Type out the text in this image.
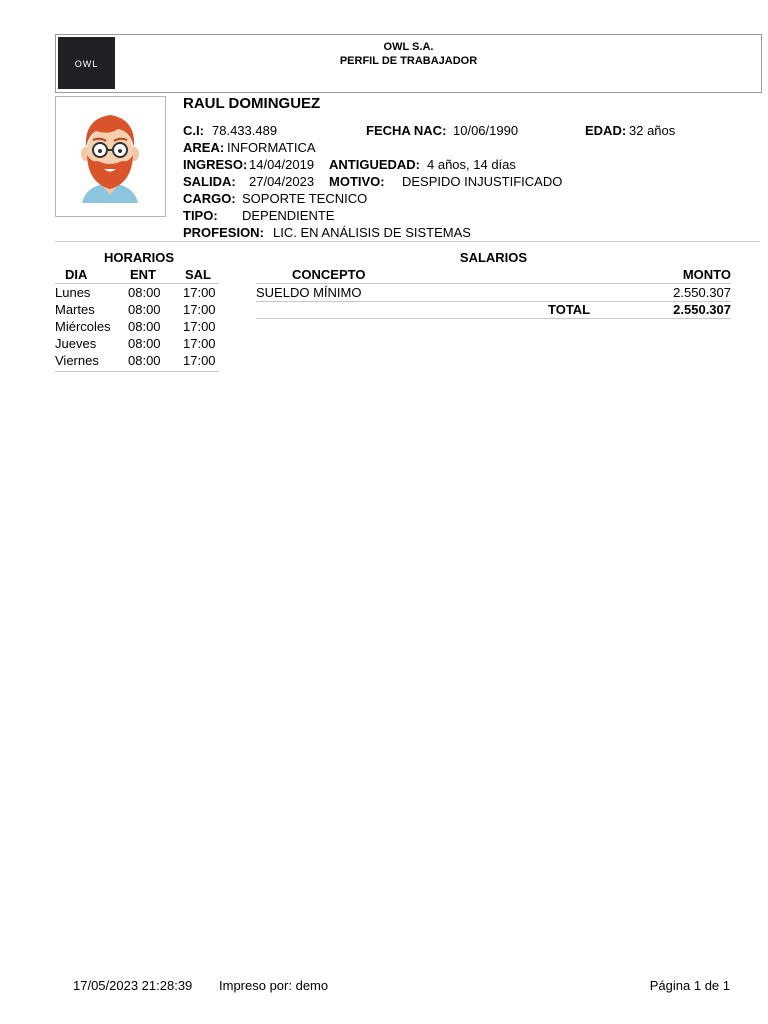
OWL
OWL S.A.
PERFIL DE TRABAJADOR
RAUL DOMINGUEZ
C.I: 78.433.489	FECHA NAC: 10/06/1990	EDAD: 32 años
AREA: INFORMATICA
INGRESO: 14/04/2019 ANTIGUEDAD: 4 años, 14 días
SALIDA: 27/04/2023 MOTIVO: DESPIDO INJUSTIFICADO
CARGO: SOPORTE TECNICO
TIPO: DEPENDIENTE
PROFESION: LIC. EN ANÁLISIS DE SISTEMAS
HORARIOS
DIA	ENT SAL
Lunes	08:00 17:00
Martes	08:00 17:00
Miércoles 08:00 17:00
Jueves 08:00 17:00
Viernes 08:00 17:00
SALARIOS
CONCEPTO	MONTO
SUELDO MÍNIMO	2.550.307
TOTAL	2.550.307
17/05/2023 21:28:39 Impreso por: demo	Página 1 de 1
